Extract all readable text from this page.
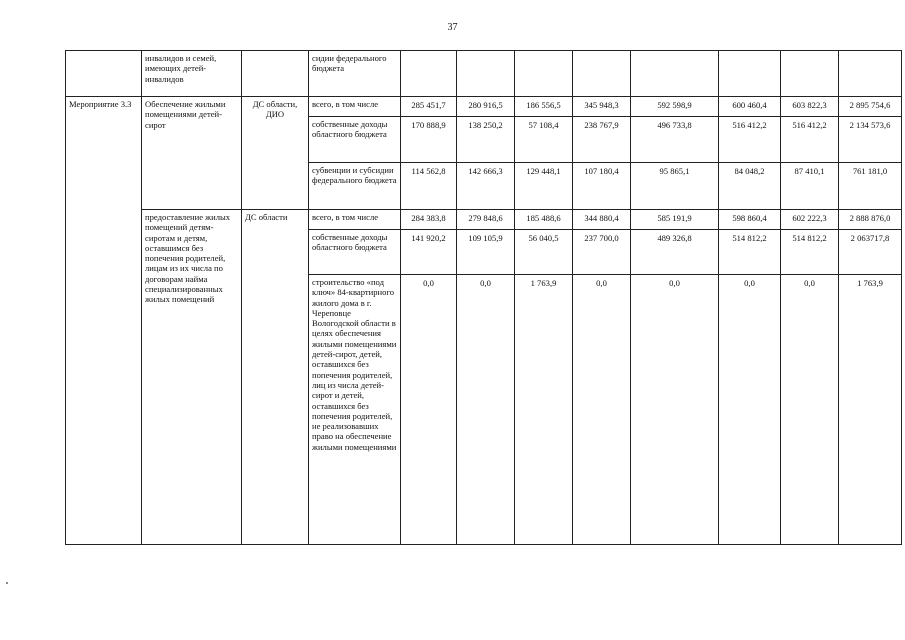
37
	инвалидов и семей, имеющих детей-инвалидов		сидии федерального бюджета								
Мероприятие 3.3	Обеспечение жилыми помещениями детей-сирот	ДС области, ДИО	всего, в том числе	285 451,7	280 916,5	186 556,5	345 948,3	592 598,9	600 460,4	603 822,3	2 895 754,6
			собственные доходы областного бюджета	170 888,9	138 250,2	57 108,4	238 767,9	496 733,8	516 412,2	516 412,2	2 134 573,6
			субвенции и субсидии федерального бюджета	114 562,8	142 666,3	129 448,1	107 180,4	95 865,1	84 048,2	87 410,1	761 181,0
	предоставление жилых помещений детям-сиротам и детям, оставшимся без попечения родителей, лицам из их числа по договорам найма специализированных жилых помещений	ДС области	всего, в том числе	284 383,8	279 848,6	185 488,6	344 880,4	585 191,9	598 860,4	602 222,3	2 888 876,0
			собственные доходы областного бюджета	141 920,2	109 105,9	56 040,5	237 700,0	489 326,8	514 812,2	514 812,2	2 063717,8
			строительство «под ключ» 84-квартирного жилого дома в г. Череповце Вологодской области в целях обеспечения жилыми помещениями детей-сирот, детей, оставшихся без попечения родителей, лиц из числа детей-сирот и детей, оставшихся без попечения родителей, не реализовавших право на обеспечение жилыми помещениями	0,0	0,0	1 763,9	0,0	0,0	0,0	0,0	1 763,9
